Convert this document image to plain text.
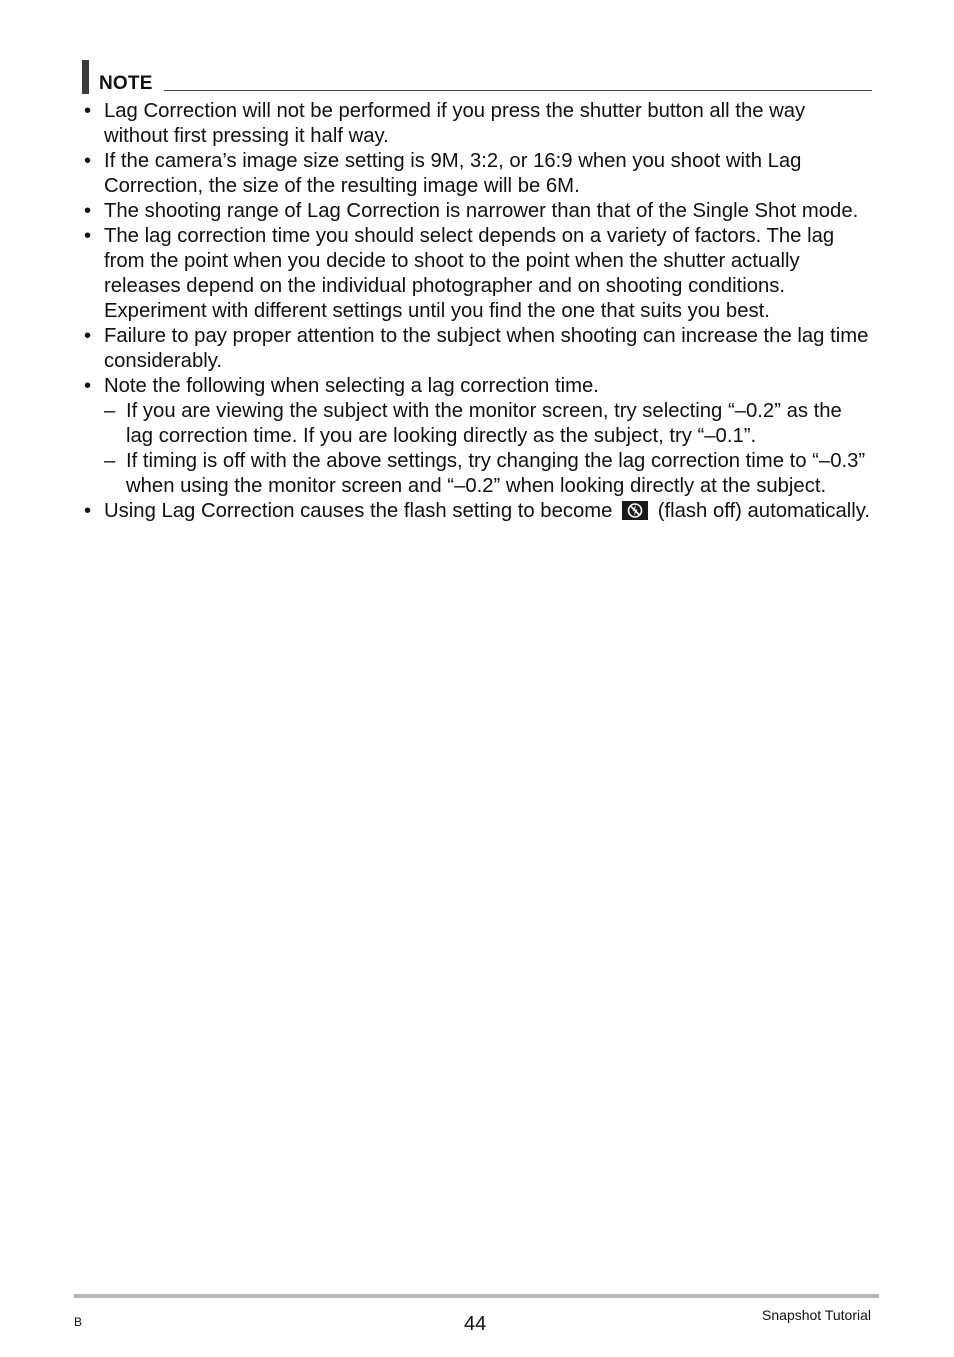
NOTE
• Lag Correction will not be performed if you press the shutter button all the way without first pressing it half way.
• If the camera’s image size setting is 9M, 3:2, or 16:9 when you shoot with Lag Correction, the size of the resulting image will be 6M.
• The shooting range of Lag Correction is narrower than that of the Single Shot mode.
• The lag correction time you should select depends on a variety of factors. The lag from the point when you decide to shoot to the point when the shutter actually releases depend on the individual photographer and on shooting conditions. Experiment with different settings until you find the one that suits you best.
• Failure to pay proper attention to the subject when shooting can increase the lag time considerably.
• Note the following when selecting a lag correction time.
– If you are viewing the subject with the monitor screen, try selecting “–0.2” as the lag correction time. If you are looking directly as the subject, try “–0.1”.
– If timing is off with the above settings, try changing the lag correction time to “–0.3” when using the monitor screen and “–0.2” when looking directly at the subject.
• Using Lag Correction causes the flash setting to become (flash off) automatically.
B	44	Snapshot Tutorial
